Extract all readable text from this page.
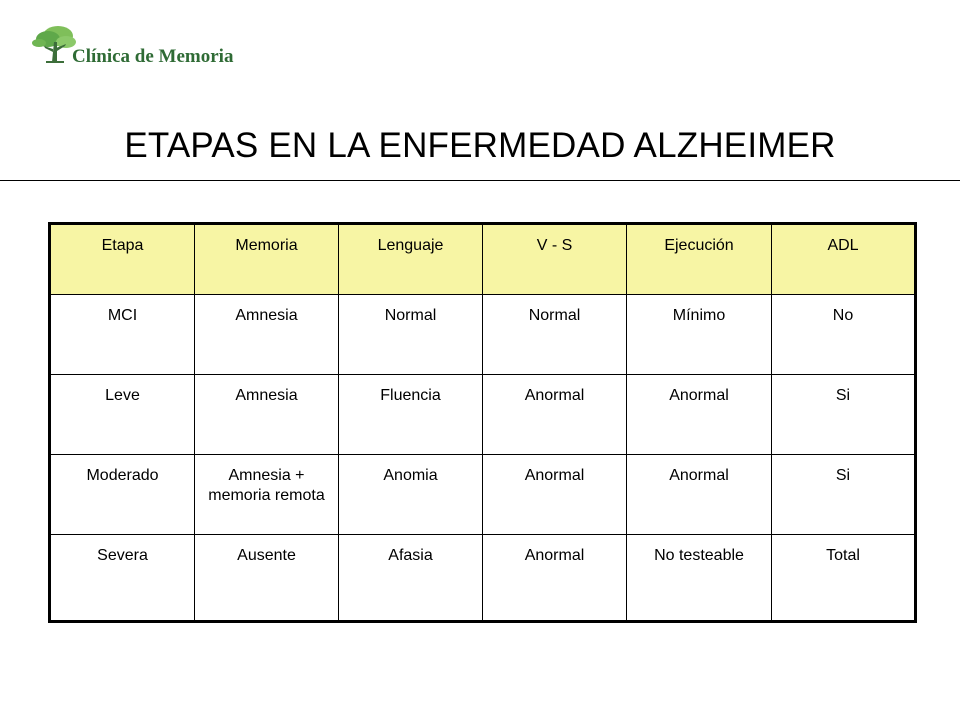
Clínica de Memoria
ETAPAS EN LA ENFERMEDAD ALZHEIMER
Etapa	Memoria	Lenguaje	V - S	Ejecución	ADL
MCI	Amnesia	Normal	Normal	Mínimo	No
Leve	Amnesia	Fluencia	Anormal	Anormal	Si
Moderado	Amnesia + memoria remota	Anomia	Anormal	Anormal	Si
Severa	Ausente	Afasia	Anormal	No testeable	Total
